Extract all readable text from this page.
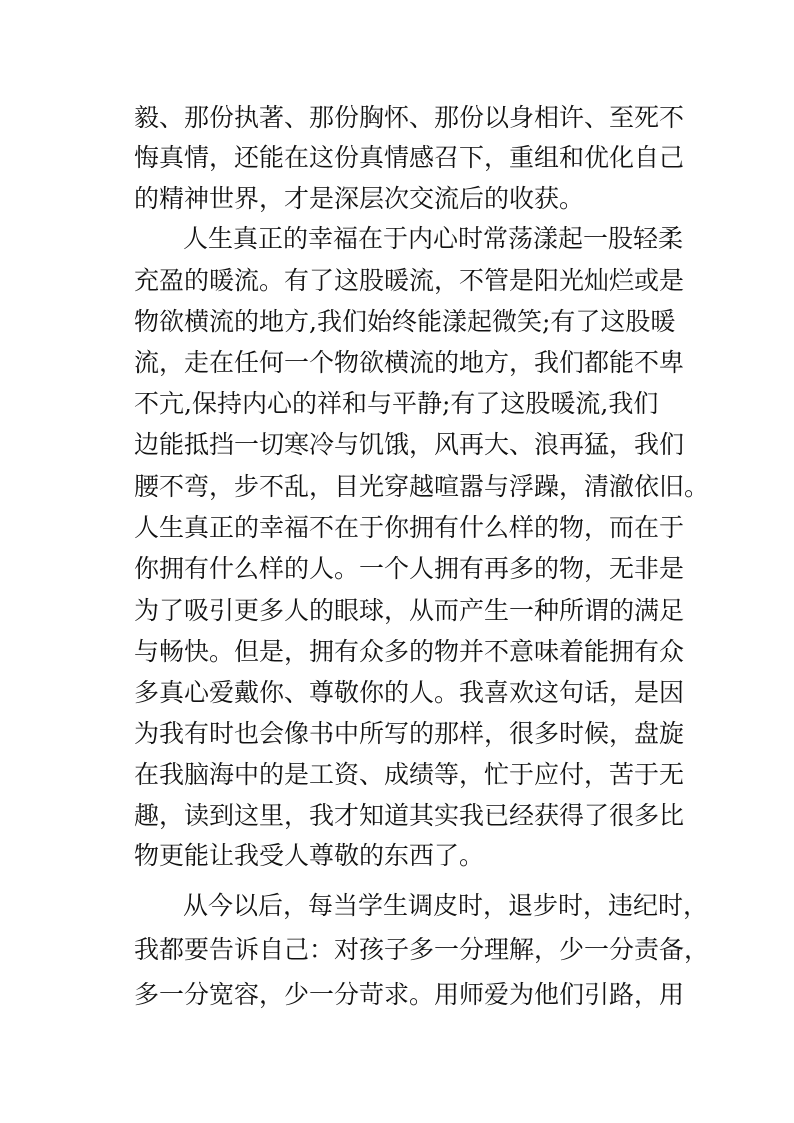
毅、那份执著、那份胸怀、那份以身相许、至死不
悔真情，还能在这份真情感召下，重组和优化自己
的精神世界，才是深层次交流后的收获。
人生真正的幸福在于内心时常荡漾起一股轻柔
充盈的暖流。有了这股暖流，不管是阳光灿烂或是
物欲横流的地方,我们始终能漾起微笑;有了这股暖
流，走在任何一个物欲横流的地方，我们都能不卑
不亢,保持内心的祥和与平静;有了这股暖流,我们
边能抵挡一切寒冷与饥饿，风再大、浪再猛，我们
腰不弯，步不乱，目光穿越喧嚣与浮躁，清澈依旧。
人生真正的幸福不在于你拥有什么样的物，而在于
你拥有什么样的人。一个人拥有再多的物，无非是
为了吸引更多人的眼球，从而产生一种所谓的满足
与畅快。但是，拥有众多的物并不意味着能拥有众
多真心爱戴你、尊敬你的人。我喜欢这句话，是因
为我有时也会像书中所写的那样，很多时候，盘旋
在我脑海中的是工资、成绩等，忙于应付，苦于无
趣，读到这里，我才知道其实我已经获得了很多比
物更能让我受人尊敬的东西了。
从今以后，每当学生调皮时，退步时，违纪时，
我都要告诉自己：对孩子多一分理解，少一分责备，
多一分宽容，少一分苛求。用师爱为他们引路，用
